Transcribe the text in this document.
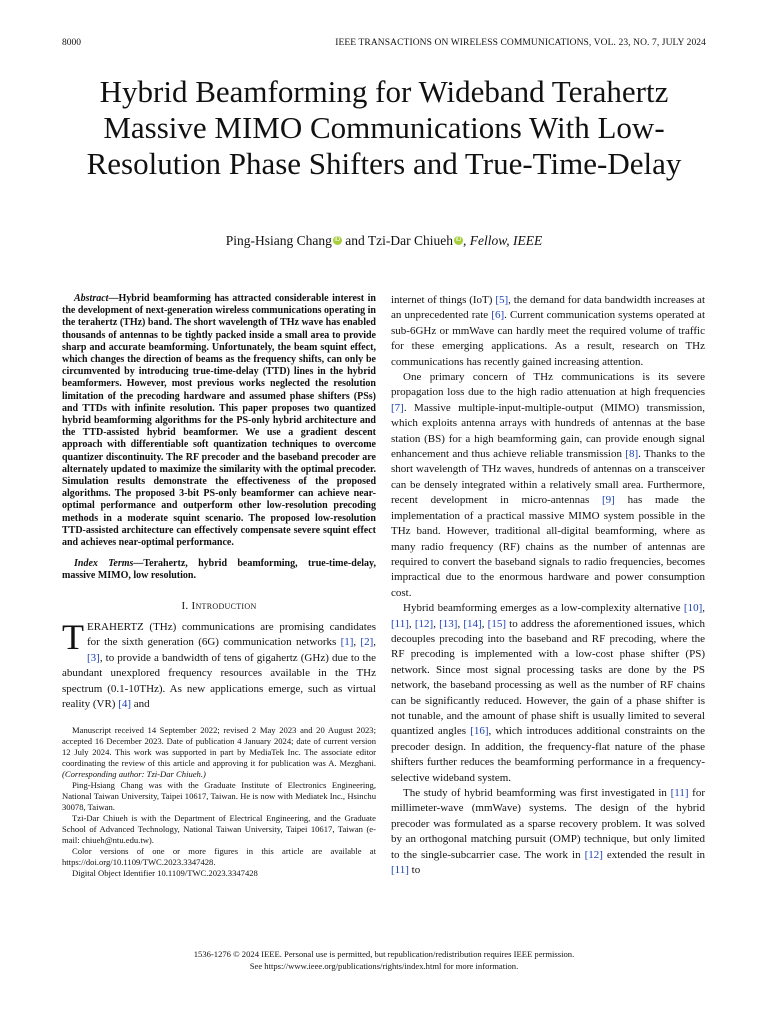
8000	IEEE TRANSACTIONS ON WIRELESS COMMUNICATIONS, VOL. 23, NO. 7, JULY 2024
Hybrid Beamforming for Wideband Terahertz Massive MIMO Communications With Low-Resolution Phase Shifters and True-Time-Delay
Ping-Hsiang Chang iD and Tzi-Dar Chiueh iD , Fellow, IEEE

Abstract—Hybrid beamforming has attracted considerable interest in the development of next-generation wireless communications operating in the terahertz (THz) band. The short wavelength of THz wave has enabled thousands of antennas to be tightly packed inside a small area to provide sharp and accurate beamforming. Unfortunately, the beam squint effect, which changes the direction of beams as the frequency shifts, can only be circumvented by introducing true-time-delay (TTD) lines in the hybrid beamformers. However, most previous works neglected the resolution limitation of the precoding hardware and assumed phase shifters (PSs) and TTDs with infinite resolution. This paper proposes two quantized hybrid beamforming algorithms for the PS-only hybrid architecture and the TTD-assisted hybrid beamformer. We use a gradient descent approach with differentiable soft quantization techniques to overcome quantizer discontinuity. The RF precoder and the baseband precoder are alternately updated to maximize the similarity with the optimal precoder. Simulation results demonstrate the effectiveness of the proposed algorithms. The proposed 3-bit PS-only beamformer can achieve near-optimal performance and outperform other low-resolution precoding methods in a moderate squint scenario. The proposed low-resolution TTD-assisted architecture can effectively compensate severe squint effect and achieves near-optimal performance.

Index Terms—Terahertz, hybrid beamforming, true-time-delay, massive MIMO, low resolution.

I. Introduction

TERAHERTZ (THz) communications are promising candidates for the sixth generation (6G) communication networks [1], [2], [3], to provide a bandwidth of tens of gigahertz (GHz) due to the abundant unexplored frequency resources available in the THz spectrum (0.1-10THz). As new applications emerge, such as virtual reality (VR) [4] and

Manuscript received 14 September 2022; revised 2 May 2023 and 20 August 2023; accepted 16 December 2023. Date of publication 4 January 2024; date of current version 12 July 2024. This work was supported in part by MediaTek Inc. The associate editor coordinating the review of this article and approving it for publication was A. Mezghani. (Corresponding author: Tzi-Dar Chiueh.)

Ping-Hsiang Chang was with the Graduate Institute of Electronics Engineering, National Taiwan University, Taipei 10617, Taiwan. He is now with Mediatek Inc., Hsinchu 30078, Taiwan.

Tzi-Dar Chiueh is with the Department of Electrical Engineering, and the Graduate School of Advanced Technology, National Taiwan University, Taipei 10617, Taiwan (e-mail: chiueh@ntu.edu.tw).

Color versions of one or more figures in this article are available at https://doi.org/10.1109/TWC.2023.3347428.

Digital Object Identifier 10.1109/TWC.2023.3347428

internet of things (IoT) [5], the demand for data bandwidth increases at an unprecedented rate [6]. Current communication systems operated at sub-6GHz or mmWave can hardly meet the required volume of traffic for these emerging applications. As a result, research on THz communications has recently gained increasing attention.

One primary concern of THz communications is its severe propagation loss due to the high radio attenuation at high frequencies [7]. Massive multiple-input-multiple-output (MIMO) transmission, which exploits antenna arrays with hundreds of antennas at the base station (BS) for a high beamforming gain, can provide enough signal enhancement and thus achieve reliable transmission [8]. Thanks to the short wavelength of THz waves, hundreds of antennas on a transceiver can be densely integrated within a relatively small area. Furthermore, recent development in micro-antennas [9] has made the implementation of a practical massive MIMO system possible in the THz band. However, traditional all-digital beamforming, where as many radio frequency (RF) chains as the number of antennas are required to convert the baseband signals to radio frequencies, becomes impractical due to the enormous hardware and power consumption cost.

Hybrid beamforming emerges as a low-complexity alternative [10], [11], [12], [13], [14], [15] to address the aforementioned issues, which decouples precoding into the baseband and RF precoding, where the RF precoding is implemented with a low-cost phase shifter (PS) network. Since most signal processing tasks are done by the PS network, the baseband processing as well as the number of RF chains can be significantly reduced. However, the gain of a phase shifter is not tunable, and the amount of phase shift is usually limited to several quantized angles [16], which introduces additional constraints on the precoder design. In addition, the frequency-flat nature of the phase shifters further reduces the beamforming performance in a frequency-selective wideband system.

The study of hybrid beamforming was first investigated in [11] for millimeter-wave (mmWave) systems. The design of the hybrid precoder was formulated as a sparse recovery problem. It was solved by an orthogonal matching pursuit (OMP) technique, but only limited to the single-subcarrier case. The work in [12] extended the result in [11] to

1536-1276 © 2024 IEEE. Personal use is permitted, but republication/redistribution requires IEEE permission.
See https://www.ieee.org/publications/rights/index.html for more information.
